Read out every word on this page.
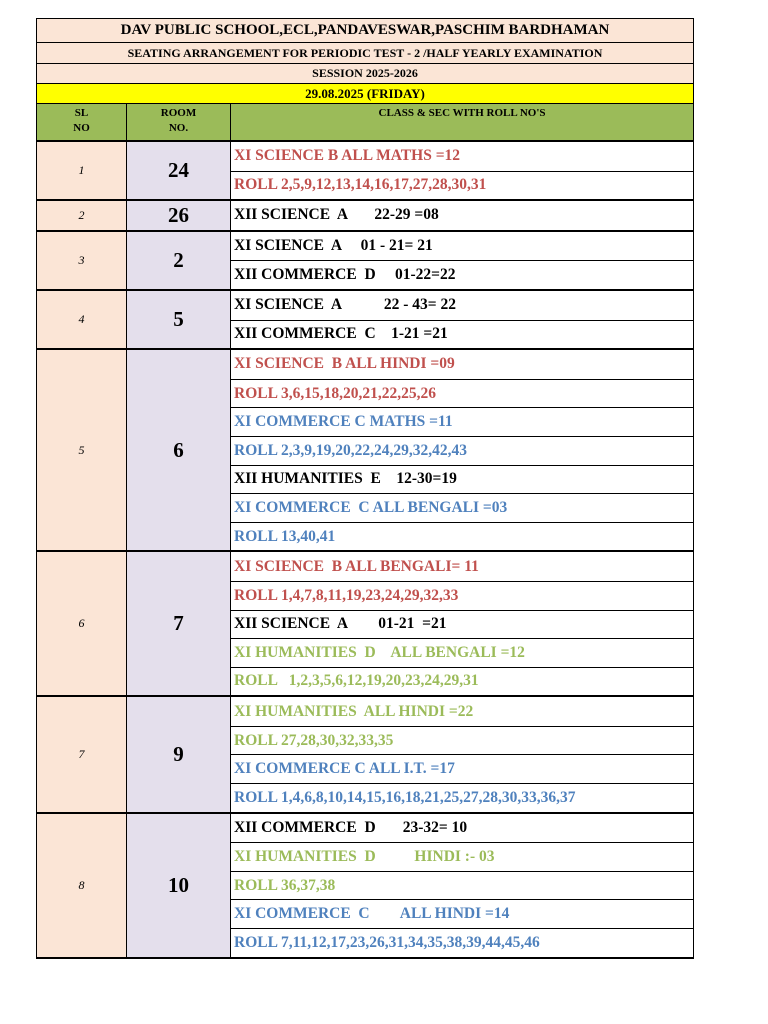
DAV PUBLIC SCHOOL,ECL,PANDAVESWAR,PASCHIM BARDHAMAN
SEATING ARRANGEMENT FOR PERIODIC TEST - 2 /HALF YEARLY EXAMINATION
SESSION 2025-2026
29.08.2025 (FRIDAY)
SL
NO
ROOM
NO.
CLASS & SEC WITH ROLL NO'S
1	24
XI SCIENCE B ALL MATHS =12
ROLL 2,5,9,12,13,14,16,17,27,28,30,31
2	26	XII SCIENCE  A       22-29 =08
3	2
XI SCIENCE  A     01 - 21= 21
XII COMMERCE  D     01-22=22
4	5
XI SCIENCE  A           22 - 43= 22
XII COMMERCE  C    1-21 =21
5	6
XI SCIENCE  B ALL HINDI =09
ROLL 3,6,15,18,20,21,22,25,26
XI COMMERCE C MATHS =11
ROLL 2,3,9,19,20,22,24,29,32,42,43
XII HUMANITIES  E    12-30=19
XI COMMERCE  C ALL BENGALI =03
ROLL 13,40,41
6	7
XI SCIENCE  B ALL BENGALI= 11
ROLL 1,4,7,8,11,19,23,24,29,32,33
XII SCIENCE  A        01-21  =21
XI HUMANITIES  D    ALL BENGALI =12
ROLL   1,2,3,5,6,12,19,20,23,24,29,31
7	9
XI HUMANITIES  ALL HINDI =22
ROLL 27,28,30,32,33,35
XI COMMERCE C ALL I.T. =17
ROLL 1,4,6,8,10,14,15,16,18,21,25,27,28,30,33,36,37
8	10
XII COMMERCE  D       23-32= 10
XI HUMANITIES  D          HINDI :- 03
ROLL 36,37,38
XI COMMERCE  C        ALL HINDI =14
ROLL 7,11,12,17,23,26,31,34,35,38,39,44,45,46
